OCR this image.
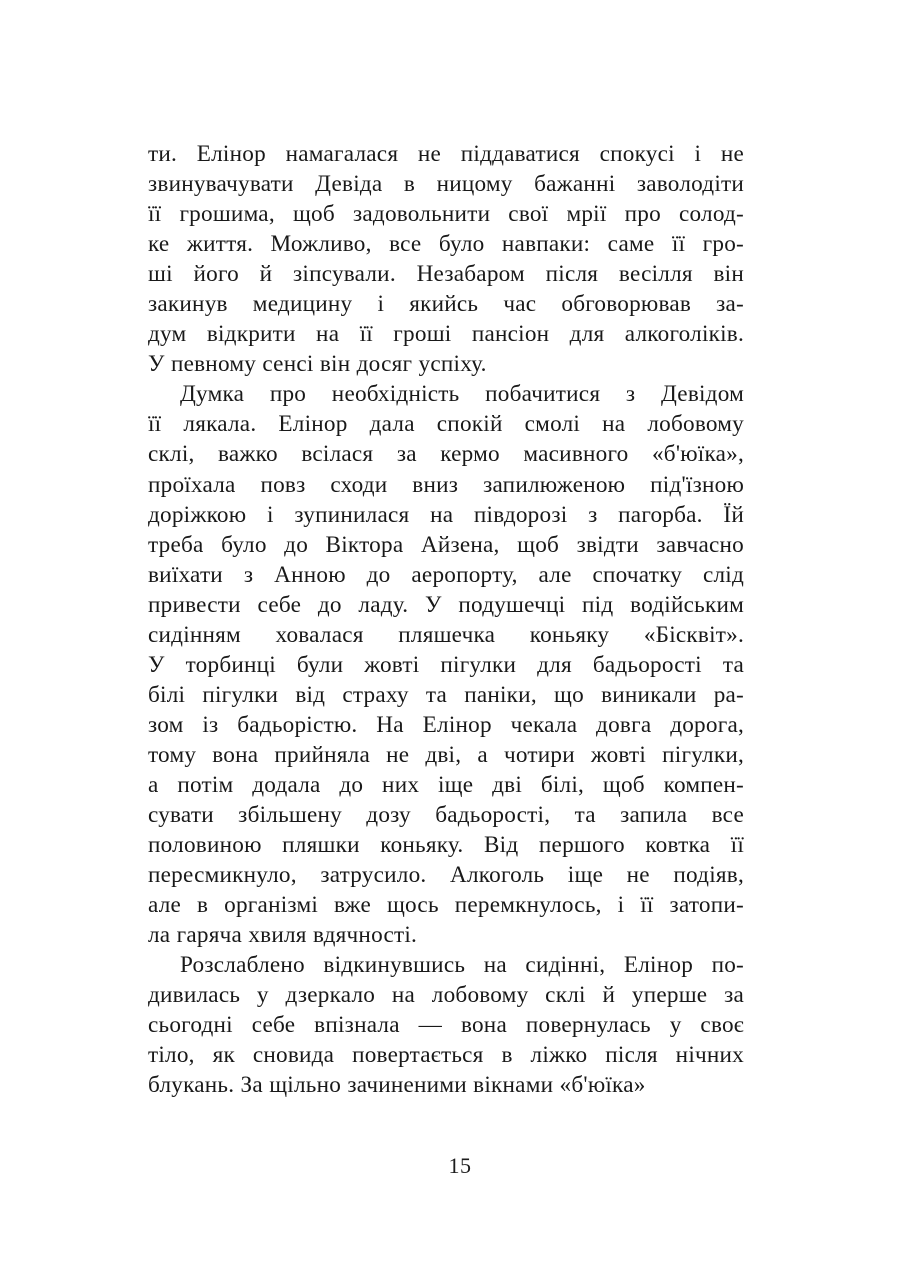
ти. Елінор намагалася не піддаватися спокусі і не
звинувачувати Девіда в ницому бажанні заволодіти
її грошима, щоб задовольнити свої мрії про солод-
ке життя. Можливо, все було навпаки: саме її гро-
ші його й зіпсували. Незабаром після весілля він
закинув медицину і якийсь час обговорював за-
дум відкрити на її гроші пансіон для алкоголіків.
У певному сенсі він досяг успіху.

Думка про необхідність побачитися з Девідом
її лякала. Елінор дала спокій смолі на лобовому
склі, важко всілася за кермо масивного «б'юїка»,
проїхала повз сходи вниз запилюженою під'їзною
доріжкою і зупинилася на півдорозі з пагорба. Їй
треба було до Віктора Айзена, щоб звідти завчасно
виїхати з Анною до аеропорту, але спочатку слід
привести себе до ладу. У подушечці під водійським
сидінням ховалася пляшечка коньяку «Бісквіт».
У торбинці були жовті пігулки для бадьорості та
білі пігулки від страху та паніки, що виникали ра-
зом із бадьорістю. На Елінор чекала довга дорога,
тому вона прийняла не дві, а чотири жовті пігулки,
а потім додала до них іще дві білі, щоб компен-
сувати збільшену дозу бадьорості, та запила все
половиною пляшки коньяку. Від першого ковтка її
пересмикнуло, затрусило. Алкоголь іще не подіяв,
але в організмі вже щось перемкнулось, і її затопи-
ла гаряча хвиля вдячності.

Розслаблено відкинувшись на сидінні, Елінор по-
дивилась у дзеркало на лобовому склі й уперше за
сьогодні себе впізнала — вона повернулась у своє
тіло, як сновида повертається в ліжко після нічних
блукань. За щільно зачиненими вікнами «б'юїка»

15
